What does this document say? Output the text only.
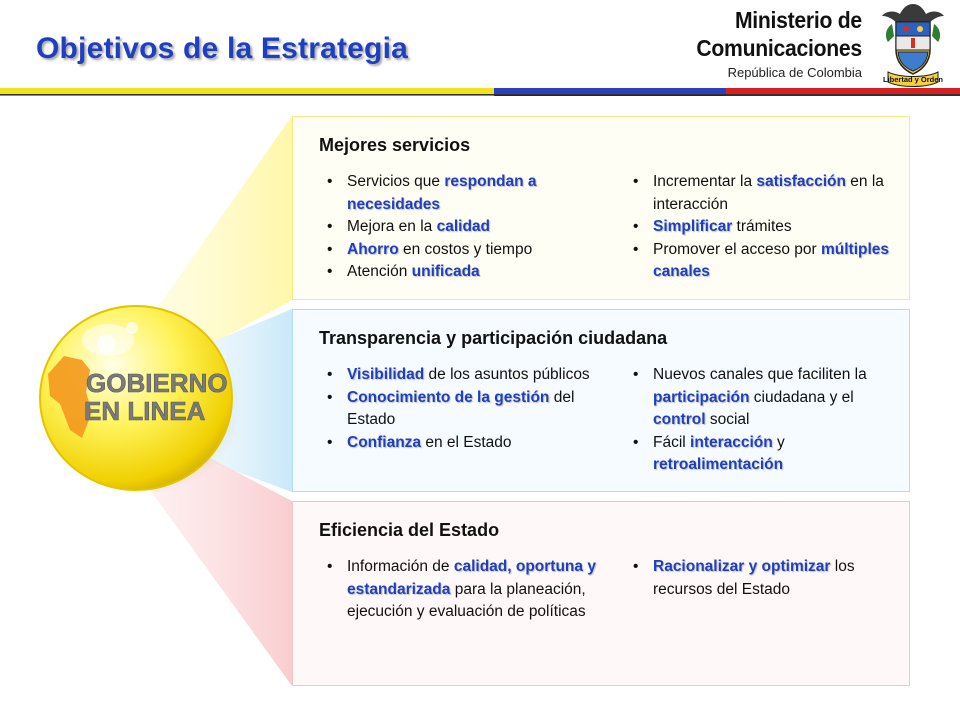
Objetivos de la Estrategia
Ministerio de
Comunicaciones
República de Colombia	Libertad y Orden
Mejores servicios
• Servicios que respondan a necesidades
• Mejora en la calidad
• Ahorro en costos y tiempo
• Atención unificada
• Incrementar la satisfacción en la interacción
• Simplificar trámites
• Promover el acceso por múltiples canales
Transparencia y participación ciudadana
• Visibilidad de los asuntos públicos
• Conocimiento de la gestión del Estado
• Confianza en el Estado
• Nuevos canales que faciliten la participación ciudadana y el control social
• Fácil interacción y retroalimentación
Eficiencia del Estado
• Información de calidad, oportuna y estandarizada para la planeación, ejecución y evaluación de políticas
• Racionalizar y optimizar los recursos del Estado
GOBIERNO
EN LINEA
